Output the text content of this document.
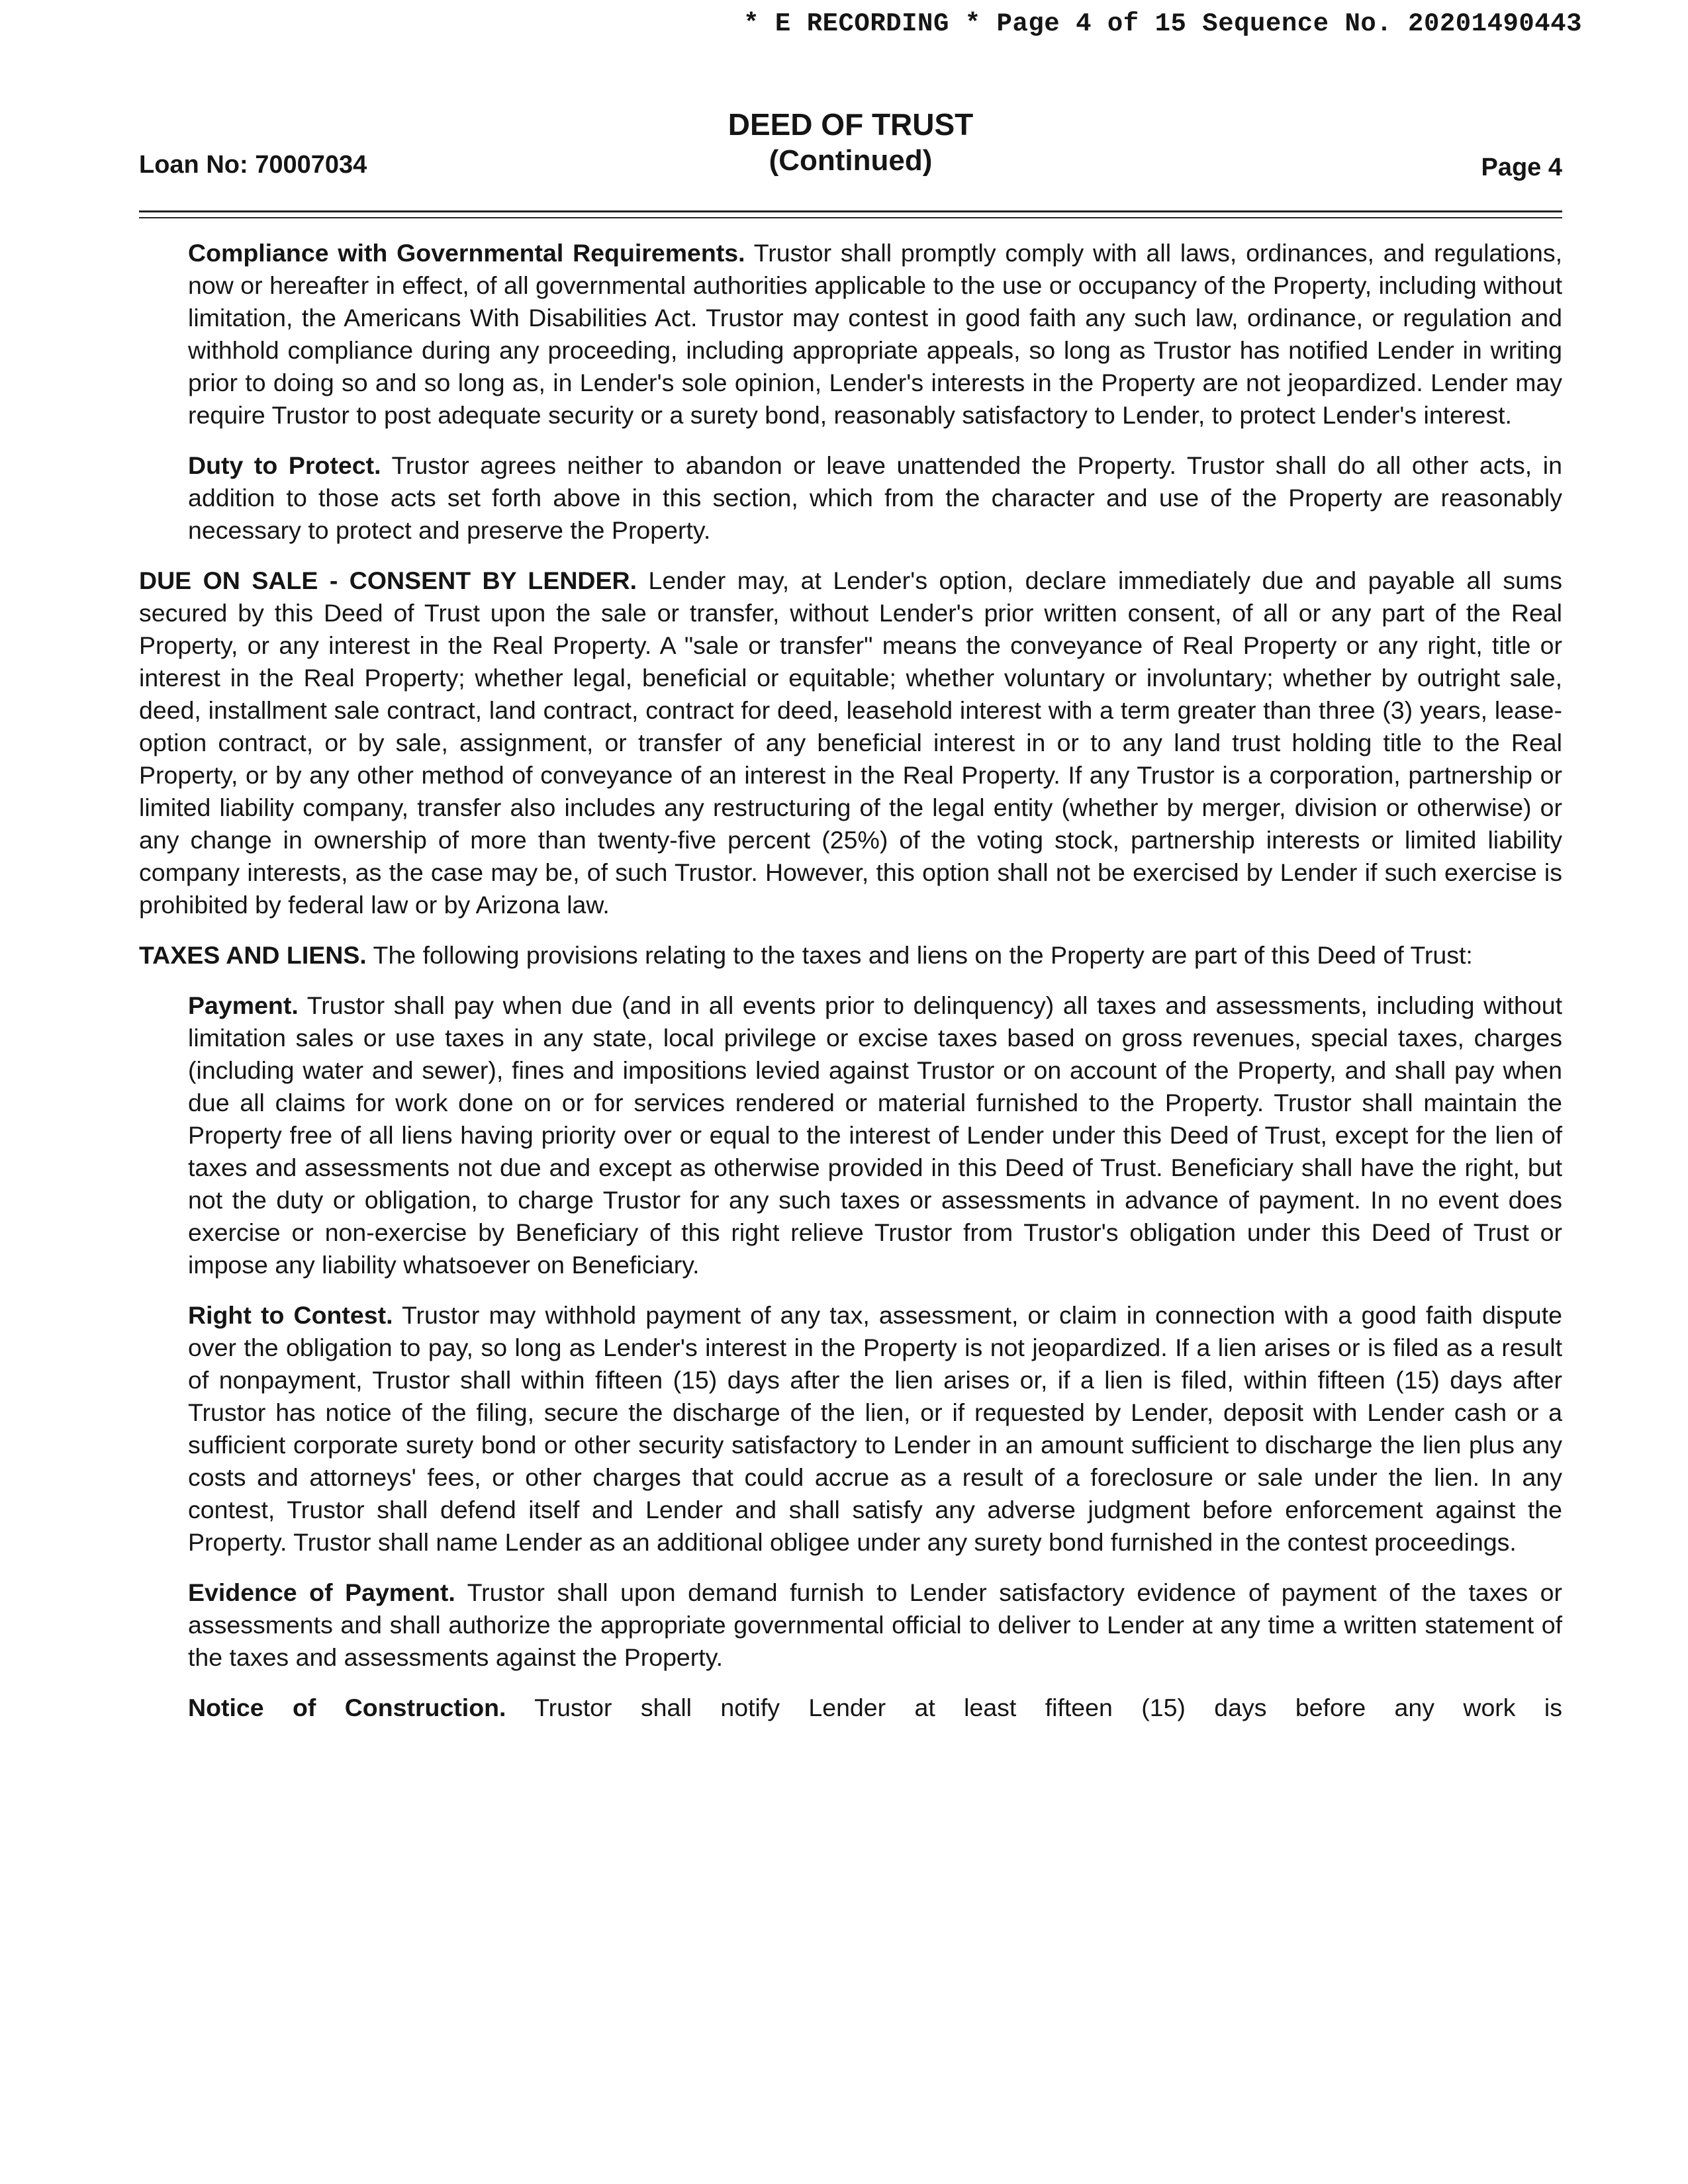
* E RECORDING * Page 4 of 15 Sequence No. 20201490443
Loan No: 70007034
DEED OF TRUST
(Continued)	Page 4

Compliance with Governmental Requirements. Trustor shall promptly comply with all laws, ordinances, and regulations, now or hereafter in effect, of all governmental authorities applicable to the use or occupancy of the Property, including without limitation, the Americans With Disabilities Act. Trustor may contest in good faith any such law, ordinance, or regulation and withhold compliance during any proceeding, including appropriate appeals, so long as Trustor has notified Lender in writing prior to doing so and so long as, in Lender's sole opinion, Lender's interests in the Property are not jeopardized. Lender may require Trustor to post adequate security or a surety bond, reasonably satisfactory to Lender, to protect Lender's interest.

Duty to Protect. Trustor agrees neither to abandon or leave unattended the Property. Trustor shall do all other acts, in addition to those acts set forth above in this section, which from the character and use of the Property are reasonably necessary to protect and preserve the Property.

DUE ON SALE - CONSENT BY LENDER. Lender may, at Lender's option, declare immediately due and payable all sums secured by this Deed of Trust upon the sale or transfer, without Lender's prior written consent, of all or any part of the Real Property, or any interest in the Real Property. A "sale or transfer" means the conveyance of Real Property or any right, title or interest in the Real Property; whether legal, beneficial or equitable; whether voluntary or involuntary; whether by outright sale, deed, installment sale contract, land contract, contract for deed, leasehold interest with a term greater than three (3) years, lease-option contract, or by sale, assignment, or transfer of any beneficial interest in or to any land trust holding title to the Real Property, or by any other method of conveyance of an interest in the Real Property. If any Trustor is a corporation, partnership or limited liability company, transfer also includes any restructuring of the legal entity (whether by merger, division or otherwise) or any change in ownership of more than twenty-five percent (25%) of the voting stock, partnership interests or limited liability company interests, as the case may be, of such Trustor. However, this option shall not be exercised by Lender if such exercise is prohibited by federal law or by Arizona law.

TAXES AND LIENS. The following provisions relating to the taxes and liens on the Property are part of this Deed of Trust:

Payment. Trustor shall pay when due (and in all events prior to delinquency) all taxes and assessments, including without limitation sales or use taxes in any state, local privilege or excise taxes based on gross revenues, special taxes, charges (including water and sewer), fines and impositions levied against Trustor or on account of the Property, and shall pay when due all claims for work done on or for services rendered or material furnished to the Property. Trustor shall maintain the Property free of all liens having priority over or equal to the interest of Lender under this Deed of Trust, except for the lien of taxes and assessments not due and except as otherwise provided in this Deed of Trust. Beneficiary shall have the right, but not the duty or obligation, to charge Trustor for any such taxes or assessments in advance of payment. In no event does exercise or non-exercise by Beneficiary of this right relieve Trustor from Trustor's obligation under this Deed of Trust or impose any liability whatsoever on Beneficiary.

Right to Contest. Trustor may withhold payment of any tax, assessment, or claim in connection with a good faith dispute over the obligation to pay, so long as Lender's interest in the Property is not jeopardized. If a lien arises or is filed as a result of nonpayment, Trustor shall within fifteen (15) days after the lien arises or, if a lien is filed, within fifteen (15) days after Trustor has notice of the filing, secure the discharge of the lien, or if requested by Lender, deposit with Lender cash or a sufficient corporate surety bond or other security satisfactory to Lender in an amount sufficient to discharge the lien plus any costs and attorneys' fees, or other charges that could accrue as a result of a foreclosure or sale under the lien. In any contest, Trustor shall defend itself and Lender and shall satisfy any adverse judgment before enforcement against the Property. Trustor shall name Lender as an additional obligee under any surety bond furnished in the contest proceedings.

Evidence of Payment. Trustor shall upon demand furnish to Lender satisfactory evidence of payment of the taxes or assessments and shall authorize the appropriate governmental official to deliver to Lender at any time a written statement of the taxes and assessments against the Property.

Notice of Construction. Trustor shall notify Lender at least fifteen (15) days before any work is
